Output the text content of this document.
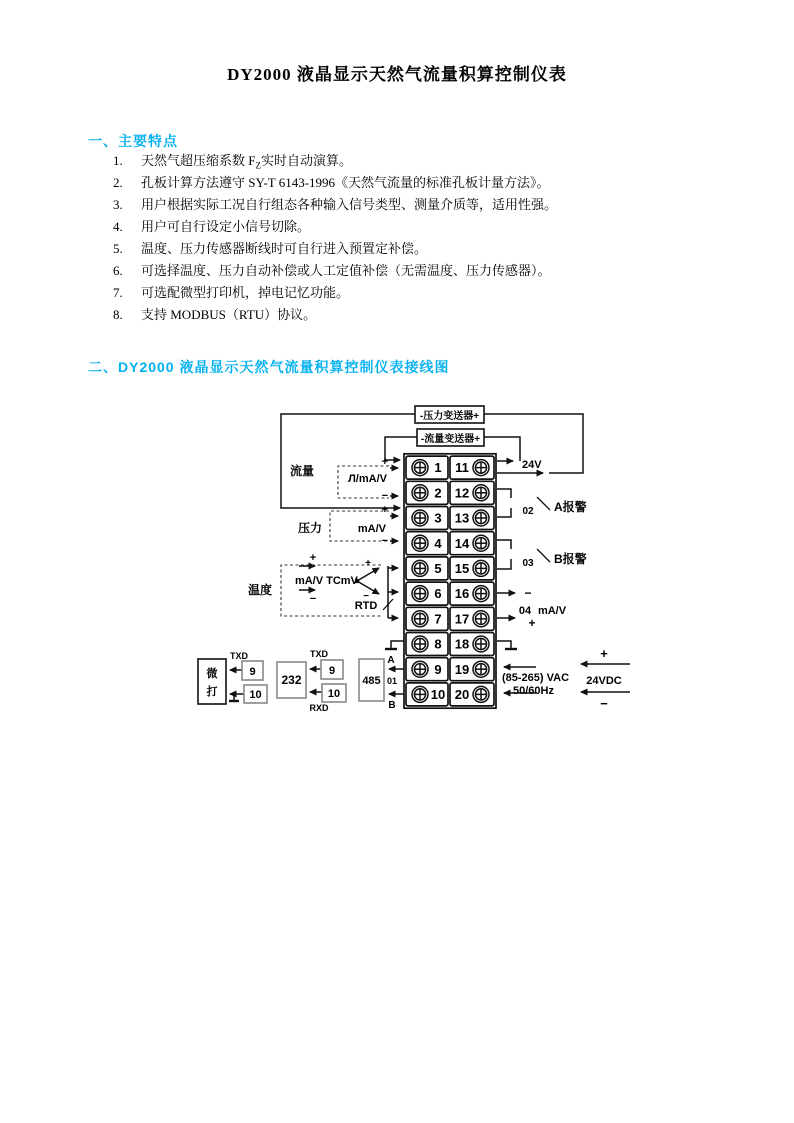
DY2000 液晶显示天然气流量积算控制仪表
一、主要特点
1.	天然气超压缩系数 $F_Z$实时自动演算。
2.	孔板计算方法遵守 SY-T 6143-1996《天然气流量的标准孔板计量方法》。
3.	用户根据实际工况自行组态各种输入信号类型、测量介质等，适用性强。
4.	用户可自行设定小信号切除。
5.	温度、压力传感器断线时可自行进入预置定补偿。
6.	可选择温度、压力自动补偿或人工定值补偿（无需温度、压力传感器）。
7.	可选配微型打印机，掉电记忆功能。
8.	支持 MODBUS（RTU）协议。
二、DY2000 液晶显示天然气流量积算控制仪表接线图
-压力变送器+
-流量变送器+
1 11
2 12
3 13
4 14
5 15
6 16
7 17
8 18
9 19
10 20
流量
Л/mA/V
+
−
压力	mA/V
+
−
温度
mA/V TCmV
+
−
+
−
RTD
24V
02 A报警
03 B报警
−
04 mA/V
+
(85-265) VAC
50/60Hz
+
24VDC
−
微
打
9
10
TXD
232
9
10
TXD
RXD
485
A
01
B
